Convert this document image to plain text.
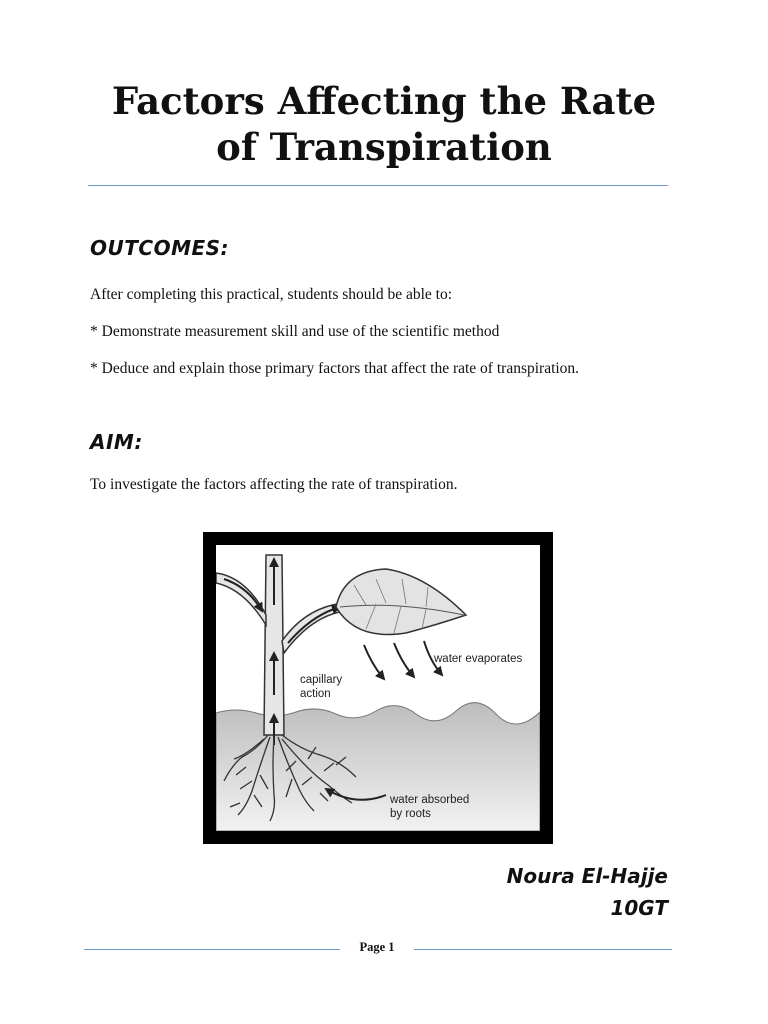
Factors Affecting the Rate
of Transpiration
OUTCOMES:

After completing this practical, students should be able to:

* Demonstrate measurement skill and use of the scientific method

* Deduce and explain those primary factors that affect the rate of transpiration.

AIM:

To investigate the factors affecting the rate of transpiration.

water evaporates
capillary
action
water absorbed
by roots

Noura El-Hajje

10GT

Page 1
